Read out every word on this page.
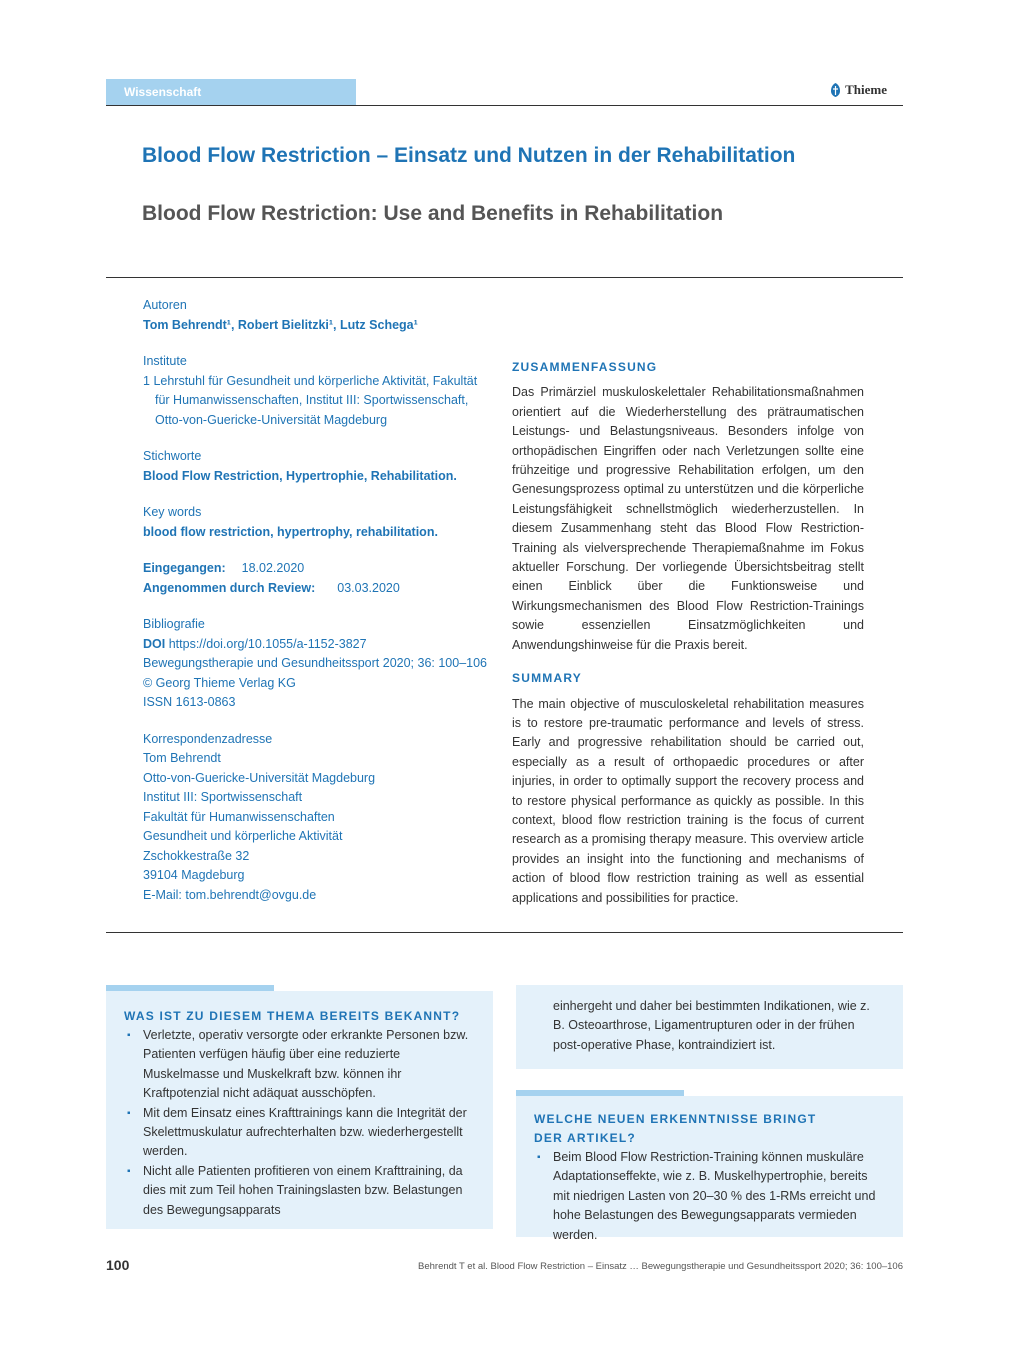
Wissenschaft	Thieme
Blood Flow Restriction – Einsatz und Nutzen in der Rehabilitation
Blood Flow Restriction: Use and Benefits in Rehabilitation
Autoren
Tom Behrendt¹, Robert Bielitzki¹, Lutz Schega¹
Institute
1 Lehrstuhl für Gesundheit und körperliche Aktivität, Fakultät
für Humanwissenschaften, Institut III: Sportwissenschaft,
Otto-von-Guericke-Universität Magdeburg
Stichworte
Blood Flow Restriction, Hypertrophie, Rehabilitation.
Key words
blood flow restriction, hypertrophy, rehabilitation.
Eingegangen: 18.02.2020
Angenommen durch Review: 03.03.2020
Bibliografie
DOI https://doi.org/10.1055/a-1152-3827
Bewegungstherapie und Gesundheitssport 2020; 36: 100–106
© Georg Thieme Verlag KG
ISSN 1613-0863
Korrespondenzadresse
Tom Behrendt
Otto-von-Guericke-Universität Magdeburg
Institut III: Sportwissenschaft
Fakultät für Humanwissenschaften
Gesundheit und körperliche Aktivität
Zschokkestraße 32
39104 Magdeburg
E-Mail: tom.behrendt@ovgu.de
ZUSAMMENFASSUNG

Das Primärziel muskuloskelettaler Rehabilitationsmaßnahmen orientiert auf die Wiederherstellung des prätraumatischen Leistungs- und Belastungsniveaus. Besonders infolge von orthopädischen Eingriffen oder nach Verletzungen sollte eine frühzeitige und progressive Rehabilitation erfolgen, um den Genesungsprozess optimal zu unterstützen und die körperliche Leistungsfähigkeit schnellstmöglich wiederherzustellen. In diesem Zusammenhang steht das Blood Flow Restriction-Training als vielversprechende Therapiemaßnahme im Fokus aktueller Forschung. Der vorliegende Übersichtsbeitrag stellt einen Einblick über die Funktionsweise und Wirkungsmechanismen des Blood Flow Restriction-Trainings sowie essenziellen Einsatzmöglichkeiten und Anwendungshinweise für die Praxis bereit.

SUMMARY

The main objective of musculoskeletal rehabilitation measures is to restore pre-traumatic performance and levels of stress. Early and progressive rehabilitation should be carried out, especially as a result of orthopaedic procedures or after injuries, in order to optimally support the recovery process and to restore physical performance as quickly as possible. In this context, blood flow restriction training is the focus of current research as a promising therapy measure. This overview article provides an insight into the functioning and mechanisms of action of blood flow restriction training as well as essential applications and possibilities for practice.

WAS IST ZU DIESEM THEMA BEREITS BEKANNT?
▪ Verletzte, operativ versorgte oder erkrankte Personen bzw. Patienten verfügen häufig über eine reduzierte Muskelmasse und Muskelkraft bzw. können ihr Kraftpotenzial nicht adäquat ausschöpfen.
▪ Mit dem Einsatz eines Krafttrainings kann die Integrität der Skelettmuskulatur aufrechterhalten bzw. wiederhergestellt werden.
▪ Nicht alle Patienten profitieren von einem Krafttraining, da dies mit zum Teil hohen Trainingslasten bzw. Belastungen des Bewegungsapparats
einhergeht und daher bei bestimmten Indikationen, wie z. B. Osteoarthrose, Ligamentrupturen oder in der frühen post-operative Phase, kontraindiziert ist.
WELCHE NEUEN ERKENNTNISSE BRINGT DER ARTIKEL?
▪ Beim Blood Flow Restriction-Training können muskuläre Adaptationseffekte, wie z. B. Muskelhypertrophie, bereits mit niedrigen Lasten von 20–30 % des 1-RMs erreicht und hohe Belastungen des Bewegungsapparats vermieden werden.
100	Behrendt T et al. Blood Flow Restriction – Einsatz … Bewegungstherapie und Gesundheitssport 2020; 36: 100–106
